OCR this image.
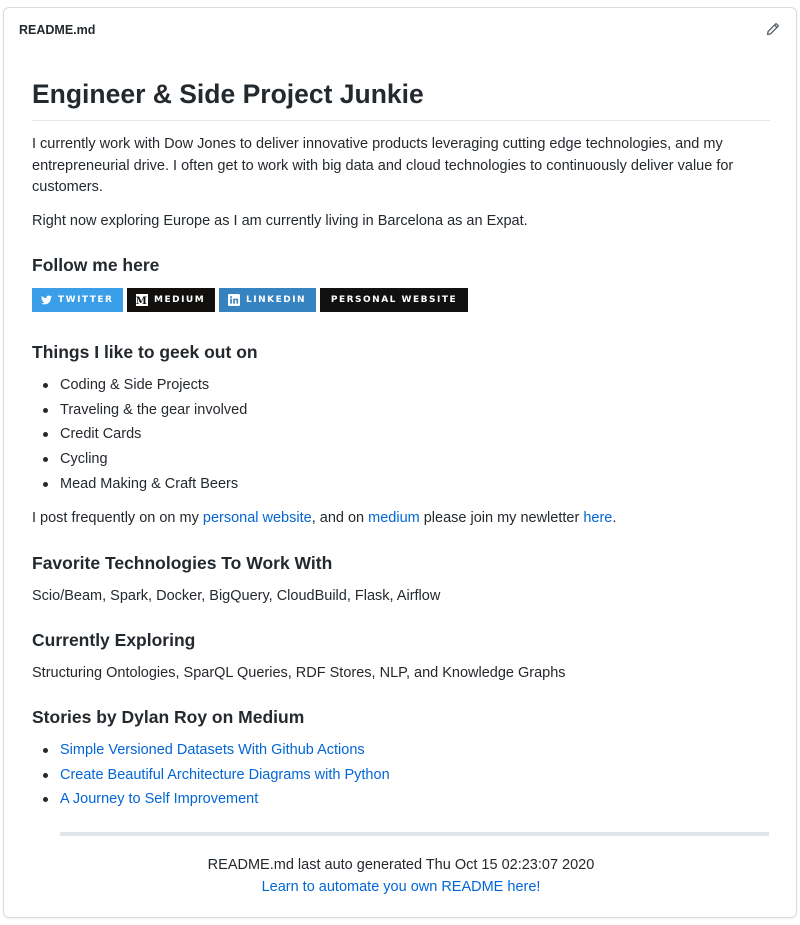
README.md
Engineer & Side Project Junkie
I currently work with Dow Jones to deliver innovative products leveraging cutting edge technologies, and my entrepreneurial drive. I often get to work with big data and cloud technologies to continuously deliver value for customers.
Right now exploring Europe as I am currently living in Barcelona as an Expat.
Follow me here
TWITTER M MEDIUM	LINKEDIN	PERSONAL WEBSITE
Things I like to geek out on
Coding & Side Projects
Traveling & the gear involved
Credit Cards
Cycling
Mead Making & Craft Beers
I post frequently on on my personal website, and on medium please join my newletter here.
Favorite Technologies To Work With
Scio/Beam, Spark, Docker, BigQuery, CloudBuild, Flask, Airflow
Currently Exploring
Structuring Ontologies, SparQL Queries, RDF Stores, NLP, and Knowledge Graphs
Stories by Dylan Roy on Medium
Simple Versioned Datasets With Github Actions
Create Beautiful Architecture Diagrams with Python
A Journey to Self Improvement
README.md last auto generated Thu Oct 15 02:23:07 2020
Learn to automate you own README here!
